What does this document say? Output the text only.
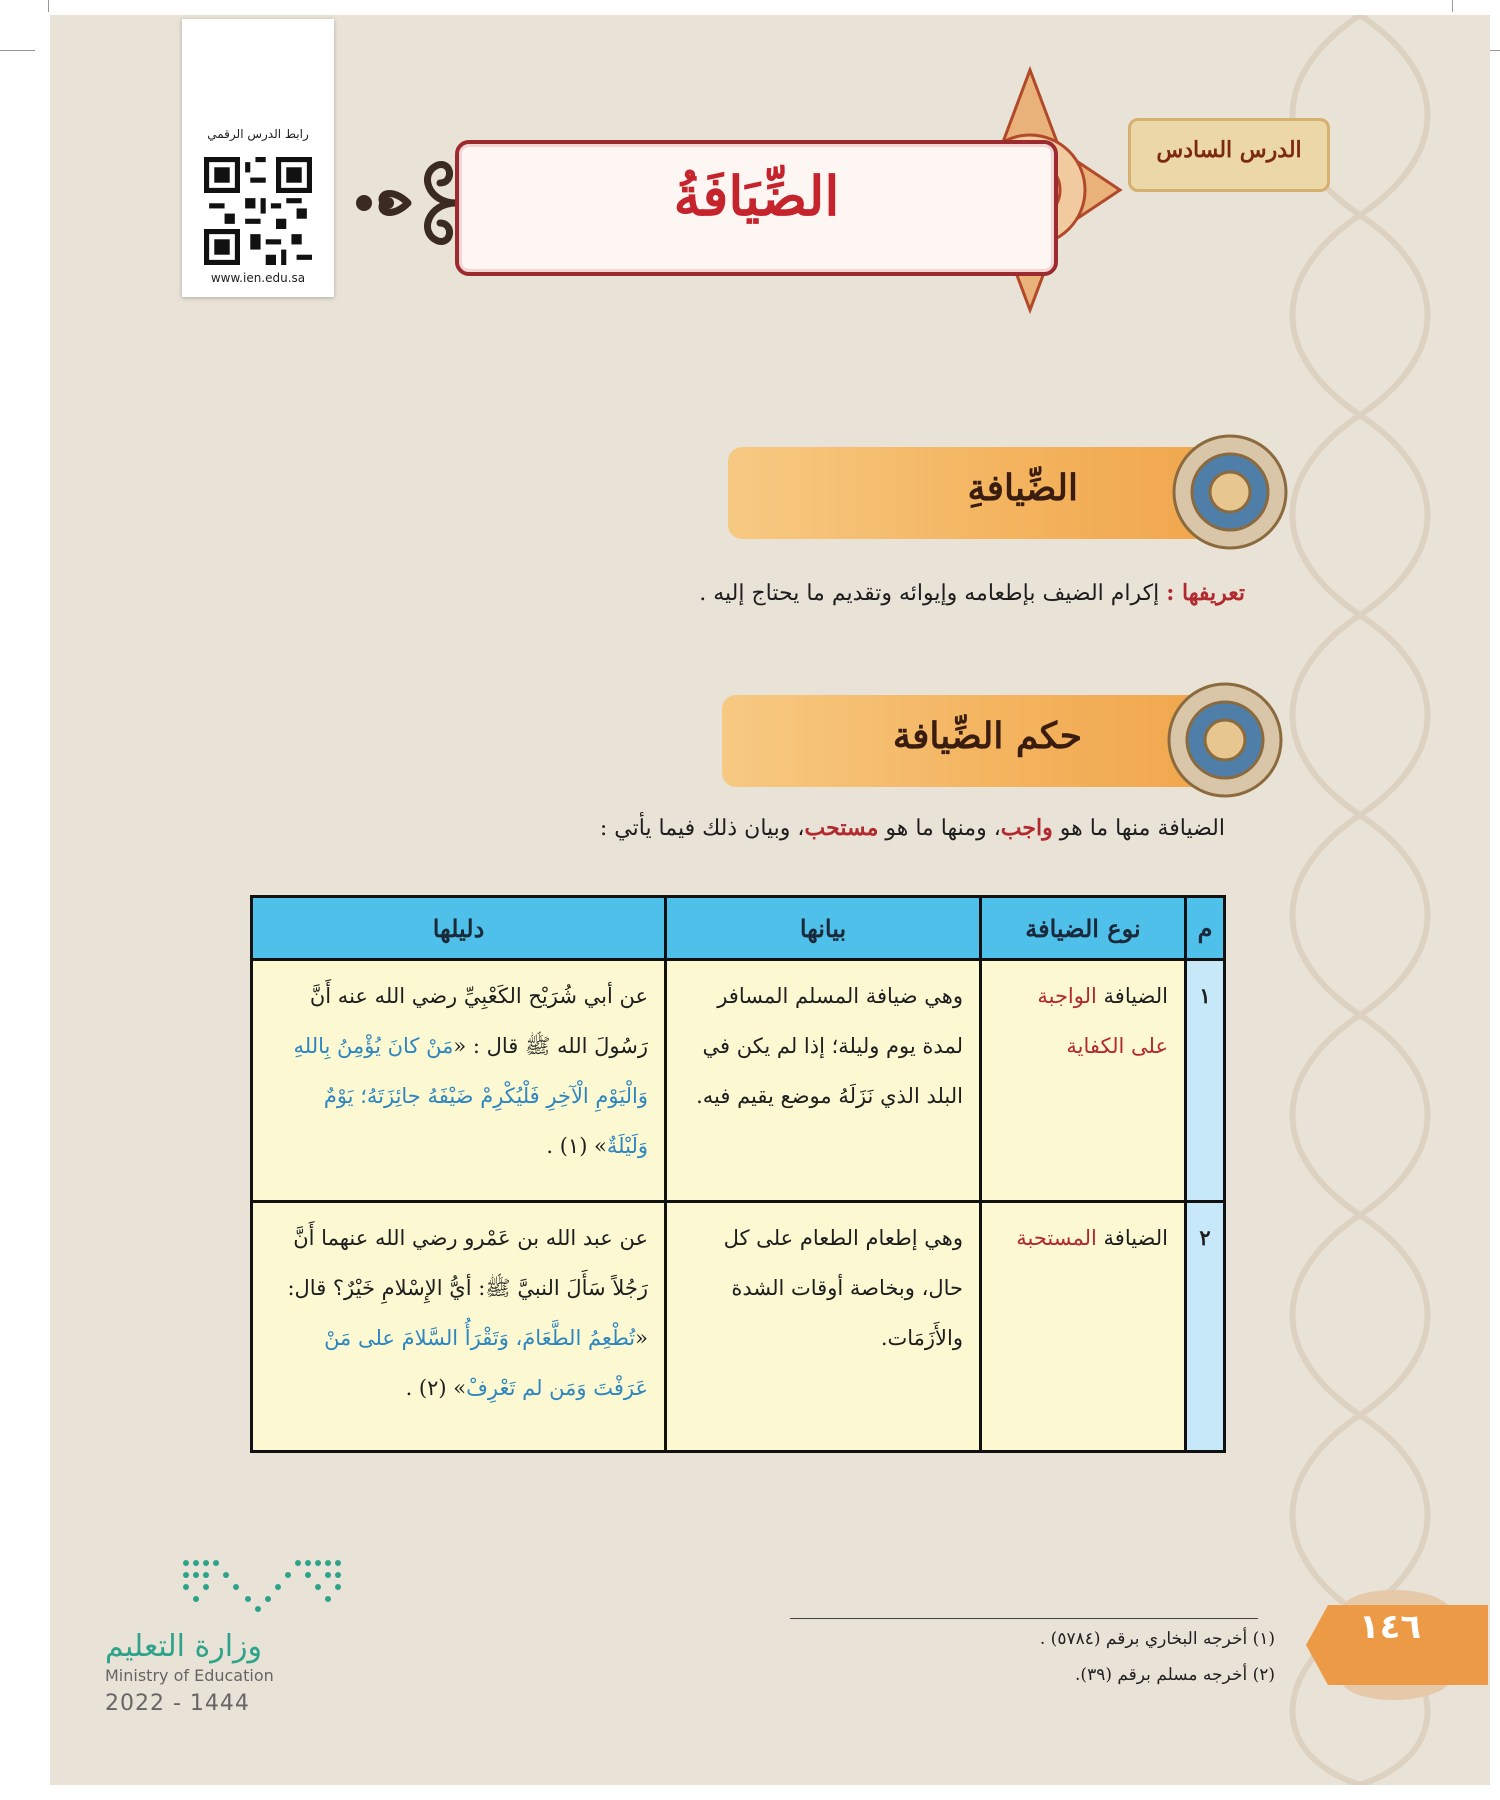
رابط الدرس الرقمي
www.ien.edu.sa
الضِّيَافَةُ
الدرس السادس
الضِّيافةِ
تعريفها : إكرام الضيف بإطعامه وإيوائه وتقديم ما يحتاج إليه .
حكم الضِّيافة
الضيافة منها ما هو واجب، ومنها ما هو مستحب، وبيان ذلك فيما يأتي :
م	نوع الضيافة	بيانها	دليلها
١	الضيافة الواجبة على الكفاية	وهي ضيافة المسلم المسافر لمدة يوم وليلة؛ إذا لم يكن في البلد الذي نَزَلَهُ موضع يقيم فيه.	عن أبي شُرَيْح الكَعْبِيِّ رضي الله عنه أَنَّ رَسُولَ الله ﷺ قال : «مَنْ كانَ يُؤْمِنُ بِاللهِ وَالْيَوْمِ الْآخِرِ فَلْيُكْرِمْ ضَيْفَهُ جائِزَتَهُ؛ يَوْمٌ وَلَيْلَةٌ» (١) .
٢	الضيافة المستحبة	وهي إطعام الطعام على كل حال، وبخاصة أوقات الشدة والأَزَمَات.	عن عبد الله بن عَمْرو رضي الله عنهما أَنَّ رَجُلاً سَأَلَ النبيَّ ﷺ: أيُّ الإِسْلامِ خَيْرٌ؟ قال: «تُطْعِمُ الطَّعَامَ، وَتَقْرَأُ السَّلامَ على مَنْ عَرَفْتَ وَمَن لم تَعْرِفْ» (٢) .
(١) أخرجه البخاري برقم (٥٧٨٤) .
(٢) أخرجه مسلم برقم (٣٩).
١٤٦
وزارة التعليم
Ministry of Education
2022 - 1444
